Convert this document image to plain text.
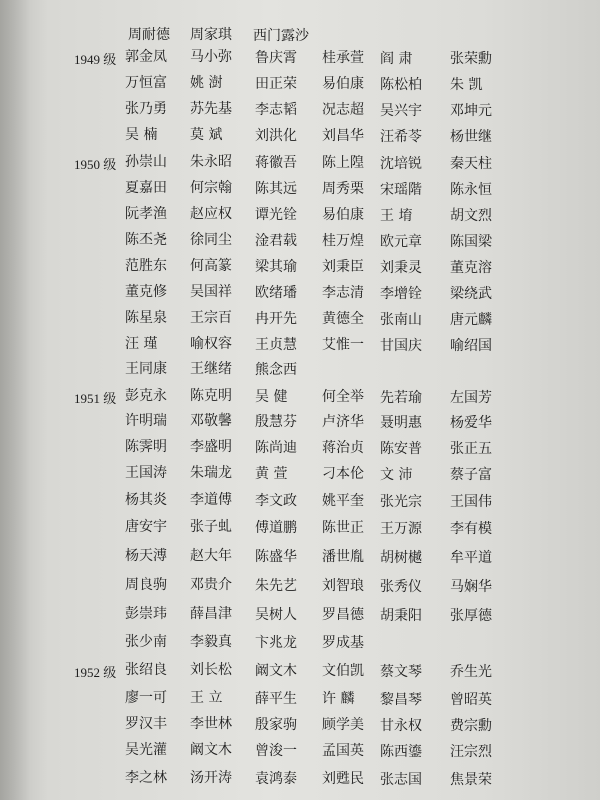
周耐德 周家琪 西门露沙
1949 级 郭金凤 马小弥 鲁庆霄 桂承萱 阎 肃	张荣勳
万恒富 姚 澍 田正荣 易伯康 陈松柏 朱 凯
张乃勇 苏先基 李志韬 况志超 吴兴宇 邓坤元
吴 楠 莫 斌 刘洪化 刘昌华 汪希苓 杨世继
1950 级 孙崇山 朱永昭 蒋徽吾 陈上隍 沈培锐 秦天柱
夏嘉田 何宗翰 陈其远 周秀栗 宋瑶階 陈永恒
阮孝渔 赵应权 谭光铨 易伯康 王 堉	胡文烈
陈丕尧 徐同尘 淦君载 桂万煌 欧元章 陈国梁
范胜东 何高篆 梁其瑜 刘秉臣 刘秉灵 董克溶
董克修 吴国祥 欧绪璠 李志清 李增铨 梁绕武
陈星泉 王宗百 冉开先 黄德全 张南山 唐元麟
汪 瑾 喻权容 王贞慧 艾惟一 甘国庆 喻绍国
王同康 王继绪 熊念西
1951 级 彭克永 陈克明 吴 健 何全举 先若瑜 左国芳
许明瑞 邓敬馨 殷慧芬 卢济华 聂明惠 杨爱华
陈霁明 李盛明 陈尚迪 蒋治贞 陈安普 张正五
王国涛 朱瑞龙 黄 萱 刁本伦 文 沛	蔡子富
杨其炎 李道傅 李文政 姚平奎 张光宗 王国伟
唐安宇 张子虬 傅道鹏 陈世正 王万源 李有模
杨天溥 赵大年 陈盛华 潘世胤 胡树樾 牟平道
周良驹 邓贵介 朱先艺 刘智琅 张秀仪 马娴华
彭崇玮 薛昌津 吴树人 罗昌德 胡秉阳 张厚德
张少南 李毅真 卞兆龙 罗成基
1952 级 张绍良 刘长松 阚文木 文伯凯 蔡文琴 乔生光
廖一可 王 立 薛平生 许 麟 黎昌琴 曾昭英
罗汉丰 李世林 殷家驹 顾学美 甘永权 费宗勳
吴光灌 阚文木 曾浚一 孟国英 陈西鎏 汪宗烈
李之林 汤开涛 袁鸿泰 刘甦民 张志国 焦景荣
